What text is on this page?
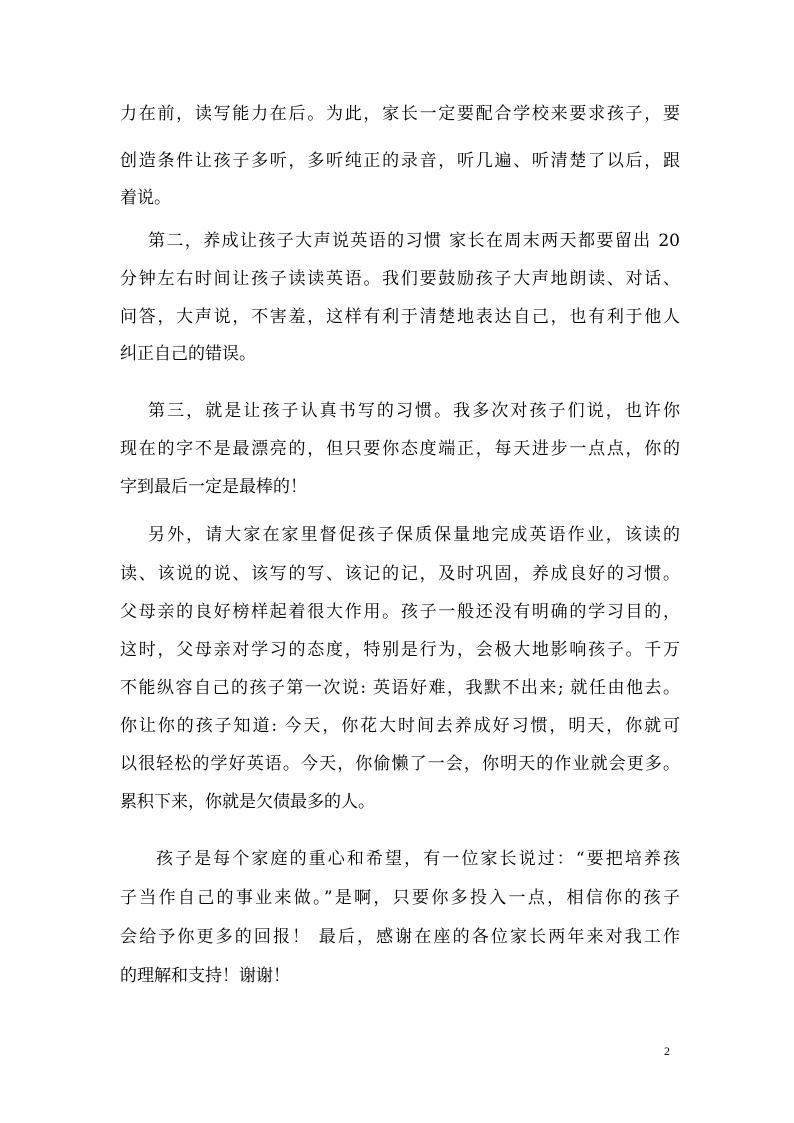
力在前，读写能力在后。为此，家长一定要配合学校来要求孩子，要
创造条件让孩子多听，多听纯正的录音，听几遍、听清楚了以后，跟
着说。
第二，养成让孩子大声说英语的习惯 家长在周末两天都要留出 20
分钟左右时间让孩子读读英语。我们要鼓励孩子大声地朗读、对话、
问答，大声说，不害羞，这样有利于清楚地表达自己，也有利于他人
纠正自己的错误。
第三，就是让孩子认真书写的习惯。我多次对孩子们说，也许你
现在的字不是最漂亮的，但只要你态度端正，每天进步一点点，你的
字到最后一定是最棒的！
另外，请大家在家里督促孩子保质保量地完成英语作业，该读的
读、该说的说、该写的写、该记的记，及时巩固，养成良好的习惯。
父母亲的良好榜样起着很大作用。孩子一般还没有明确的学习目的，
这时，父母亲对学习的态度，特别是行为，会极大地影响孩子。千万
不能纵容自己的孩子第一次说: 英语好难，我默不出来; 就任由他去。
你让你的孩子知道: 今天，你花大时间去养成好习惯，明天，你就可
以很轻松的学好英语。今天，你偷懒了一会，你明天的作业就会更多。
累积下来，你就是欠债最多的人。
孩子是每个家庭的重心和希望，有一位家长说过：“要把培养孩
子当作自己的事业来做。”是啊，只要你多投入一点，相信你的孩子
会给予你更多的回报！ 最后，感谢在座的各位家长两年来对我工作
的理解和支持！谢谢！
2
